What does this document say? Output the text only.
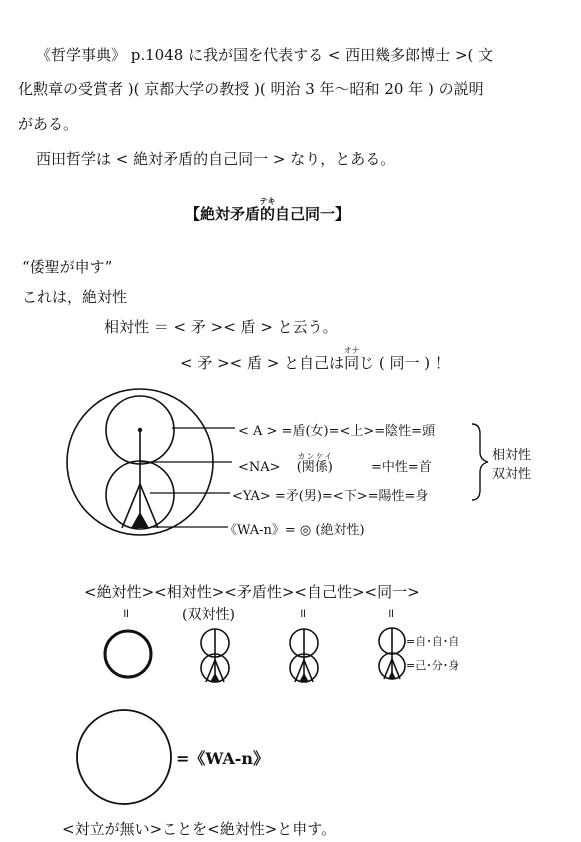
《哲学事典》 p.1048 に我が国を代表する < 西田幾多郎博士 >( 文
化勲章の受賞者 )( 京都大学の教授 )( 明治 3 年〜昭和 20 年 ) の説明
がある。
西田哲学は < 絶対矛盾的自己同一 > なり，とある。
【絶対矛盾的テキ自己同一】
“倭聖が申す”
これは，絶対性
相対性 ＝ < 矛 >< 盾 > と云う。
< 矛 >< 盾 > と自己は同オナじ ( 同一 ) ！
< A > =盾(女)=<上>=陰性=頭
<NA> (関係)カンケイ =中性=首
<YA> =矛(男)=<下>=陽性=身
《WA-n》= ◎ (絶対性)
相対性
双対性
<絶対性><相対性><矛盾性><自己性><同一>
॥	(双対性)	॥	॥
=自･自･自
=己･分･身
=《WA-n》
<対立が無い>ことを<絶対性>と申す。
